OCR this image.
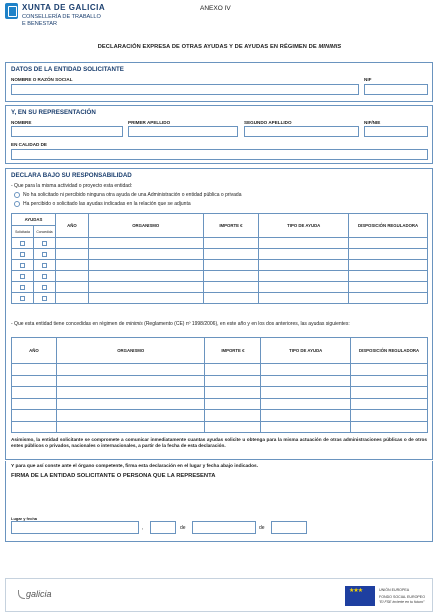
XUNTA DE GALICIA
CONSELLERÍA DE TRABALLO
E BENESTAR
ANEXO IV
DECLARACIÓN EXPRESA DE OTRAS AYUDAS Y DE AYUDAS EN RÉGIMEN DE MINIMIS
DATOS DE LA ENTIDAD SOLICITANTE
NOMBRE O RAZÓN SOCIAL	NIF
Y, EN SU REPRESENTACIÓN
NOMBRE	PRIMER APELLIDO	SEGUNDO APELLIDO	NIF/NIE
EN CALIDAD DE
DECLARA BAJO SU RESPONSABILIDAD
- Que para la misma actividad o proyecto esta entidad:
No ha solicitado ni percibido ninguna otra ayuda de una Administración o entidad pública o privada
Ha percibido o solicitado las ayudas indicadas en la relación que se adjunta
AYUDAS		AÑO	ORGANISMO	IMPORTE €	TIPO DE AYUDA	DISPOSICIÓN REGULADORA
Solicitada	Concedida					

- Que esta entidad tiene concedidas en régimen de minimis (Reglamento (CE) nº 1998/2006), en este año y en los dos anteriores, las ayudas siguientes:
AÑO	ORGANISMO	IMPORTE €	TIPO DE AYUDA	DISPOSICIÓN REGULADORA

Asimismo, la entidad solicitante se compromete a comunicar inmediatamente cuantas ayudas solicite u obtenga para la misma actuación de otras administraciones públicas o de otros entes públicos o privados, nacionales o internacionales, a partir de la fecha de esta declaración.
Y para que así conste ante el órgano competente, firma esta declaración en el lugar y fecha abajo indicados.
FIRMA DE LA ENTIDAD SOLICITANTE O PERSONA QUE LA REPRESENTA
Lugar y fecha
,	de	de
galicia	★★★	UNIÓN EUROPEA
FONDO SOCIAL EUROPEO
"El FSE invierte en tu futuro"
